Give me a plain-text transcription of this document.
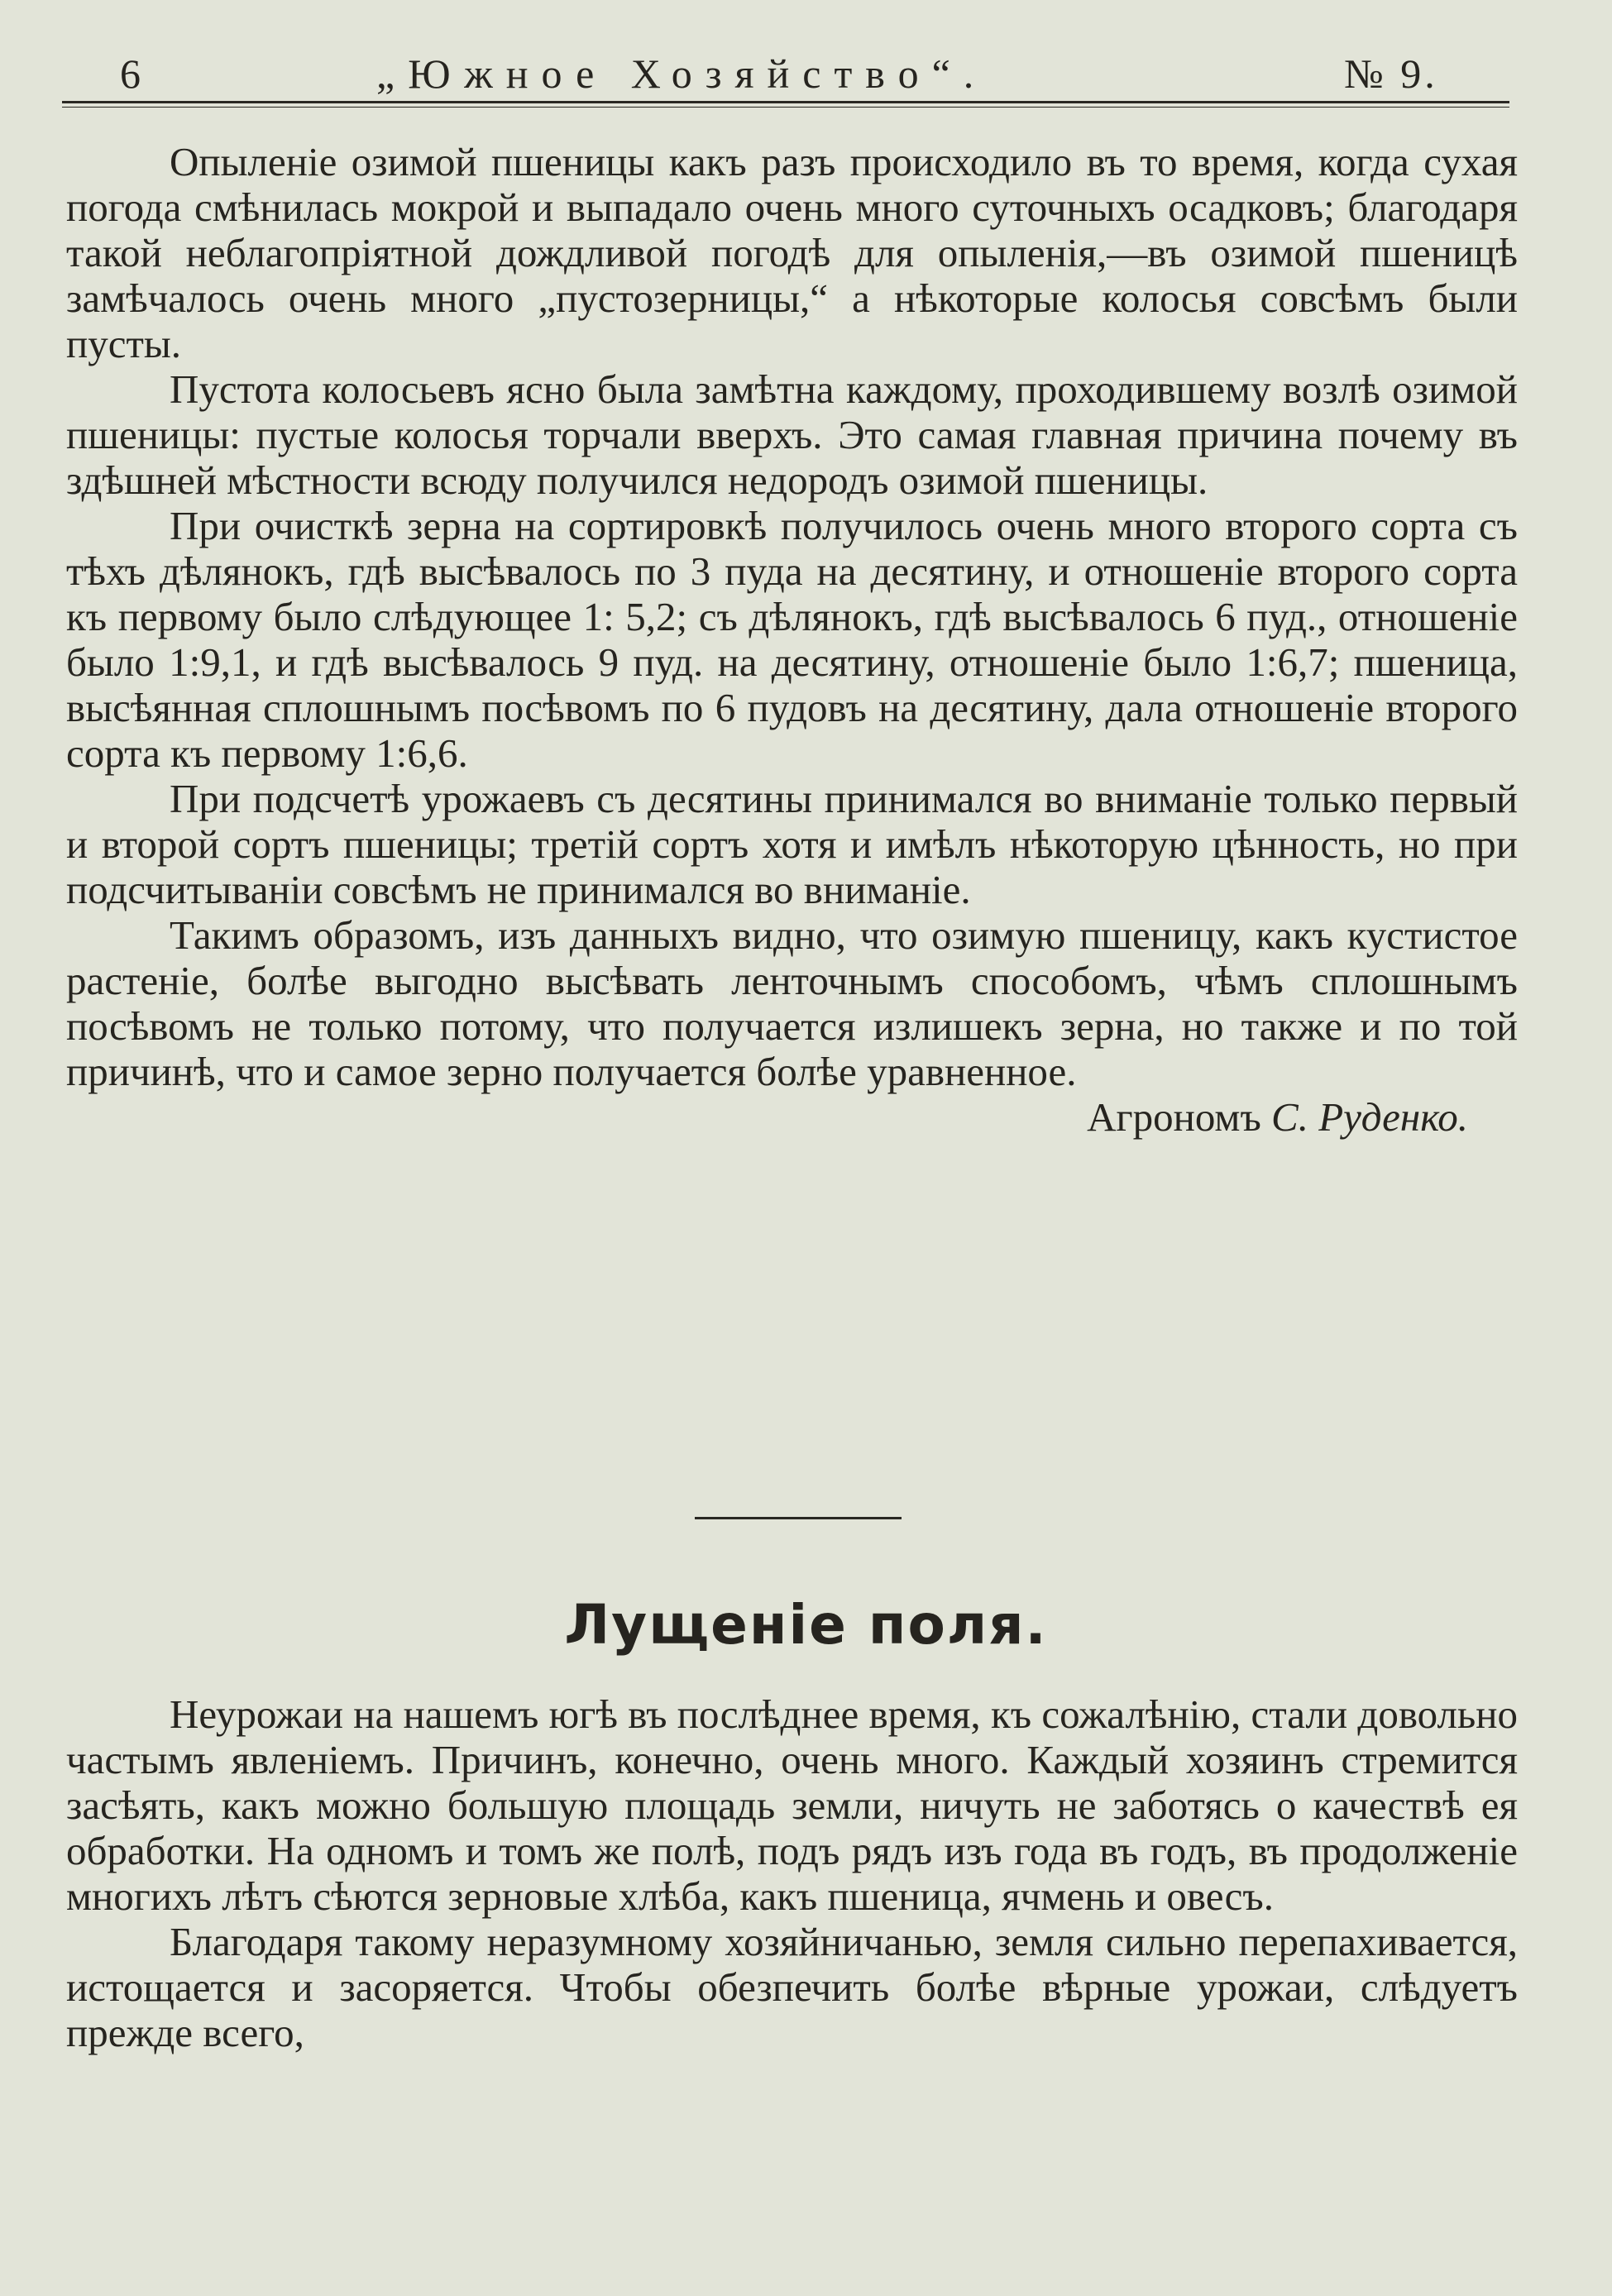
6	„Южное Хозяйство“.	№ 9.

Опыленіе озимой пшеницы какъ разъ происходило въ то время, когда сухая погода смѣнилась мокрой и выпадало очень много суточныхъ осадковъ; благодаря такой неблагопріятной дождливой погодѣ для опыленія,—въ озимой пшеницѣ замѣчалось очень много „пустозерницы,“ а нѣкоторые колосья совсѣмъ были пусты.

Пустота колосьевъ ясно была замѣтна каждому, проходившему возлѣ озимой пшеницы: пустые колосья торчали вверхъ. Это самая главная причина почему въ здѣшней мѣстности всюду получился недородъ озимой пшеницы.

При очисткѣ зерна на сортировкѣ получилось очень много второго сорта съ тѣхъ дѣлянокъ, гдѣ высѣвалось по 3 пуда на десятину, и отношеніе второго сорта къ первому было слѣдующее 1: 5,2; съ дѣлянокъ, гдѣ высѣвалось 6 пуд., отношеніе было 1:9,1, и гдѣ высѣвалось 9 пуд. на десятину, отношеніе было 1:6,7; пшеница, высѣянная сплошнымъ посѣвомъ по 6 пудовъ на десятину, дала отношеніе второго сорта къ первому 1:6,6.

При подсчетѣ урожаевъ съ десятины принимался во вниманіе только первый и второй сортъ пшеницы; третій сортъ хотя и имѣлъ нѣкоторую цѣнность, но при подсчитываніи совсѣмъ не принимался во вниманіе.

Такимъ образомъ, изъ данныхъ видно, что озимую пшеницу, какъ кустистое растеніе, болѣе выгодно высѣвать ленточнымъ способомъ, чѣмъ сплошнымъ посѣвомъ не только потому, что получается излишекъ зерна, но также и по той причинѣ, что и самое зерно получается болѣе уравненное.

Агрономъ С. Руденко.

Лущеніе поля.

Неурожаи на нашемъ югѣ въ послѣднее время, къ сожалѣнію, стали довольно частымъ явленіемъ. Причинъ, конечно, очень много. Каждый хозяинъ стремится засѣять, какъ можно большую площадь земли, ничуть не заботясь о качествѣ ея обработки. На одномъ и томъ же полѣ, подъ рядъ изъ года въ годъ, въ продолженіе многихъ лѣтъ сѣются зерновые хлѣба, какъ пшеница, ячмень и овесъ.

Благодаря такому неразумному хозяйничанью, земля сильно перепахивается, истощается и засоряется. Чтобы обезпечить болѣе вѣрные урожаи, слѣдуетъ прежде всего,
